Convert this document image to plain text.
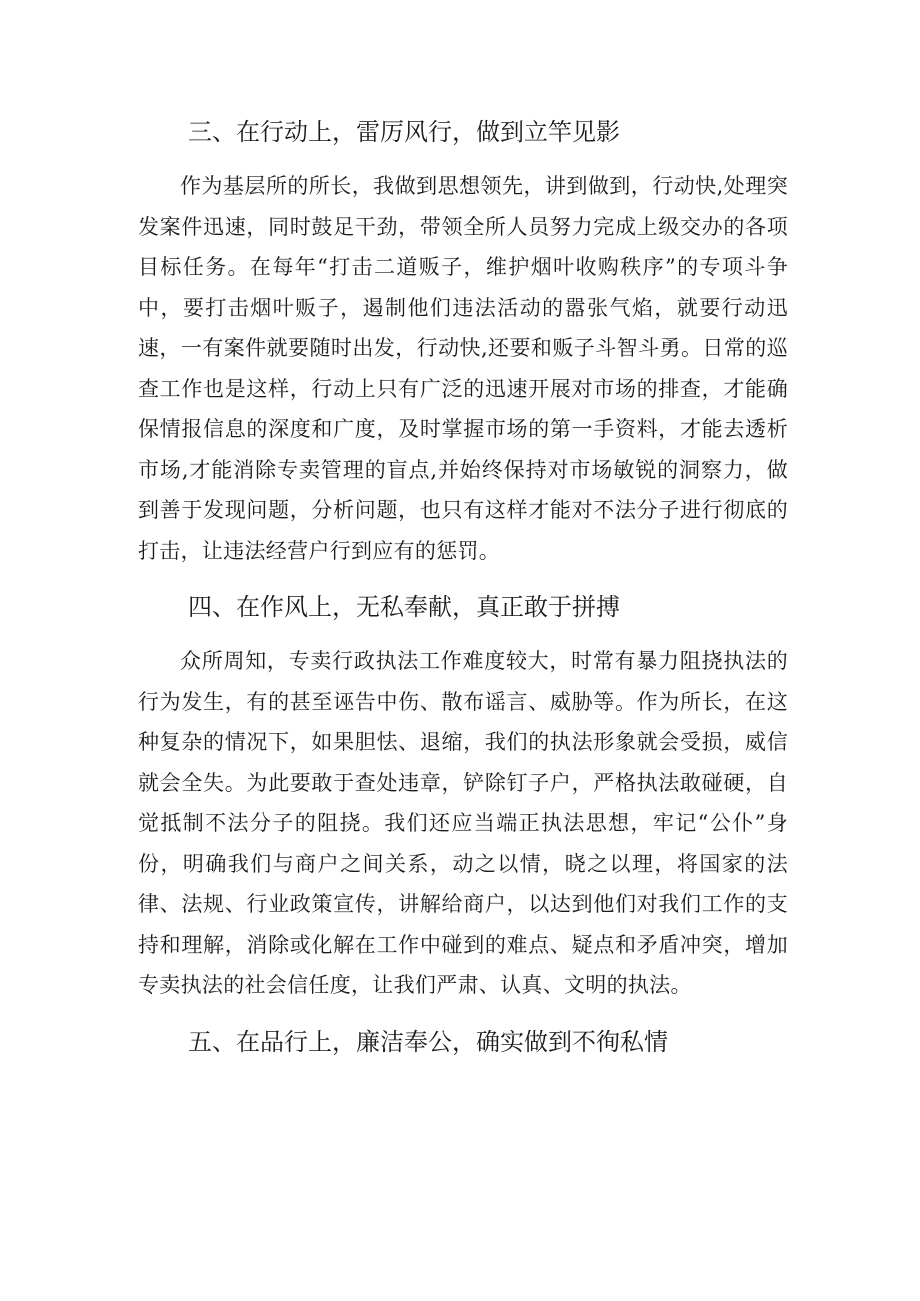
三、在行动上，雷厉风行，做到立竿见影

作为基层所的所长，我做到思想领先，讲到做到，行动快,处理突发案件迅速，同时鼓足干劲，带领全所人员努力完成上级交办的各项目标任务。在每年“打击二道贩子，维护烟叶收购秩序”的专项斗争中，要打击烟叶贩子，遏制他们违法活动的嚣张气焰，就要行动迅速，一有案件就要随时出发，行动快,还要和贩子斗智斗勇。日常的巡查工作也是这样，行动上只有广泛的迅速开展对市场的排查，才能确保情报信息的深度和广度，及时掌握市场的第一手资料，才能去透析市场,才能消除专卖管理的盲点,并始终保持对市场敏锐的洞察力，做到善于发现问题，分析问题，也只有这样才能对不法分子进行彻底的打击，让违法经营户行到应有的惩罚。

四、在作风上，无私奉献，真正敢于拼搏

众所周知，专卖行政执法工作难度较大，时常有暴力阻挠执法的行为发生，有的甚至诬告中伤、散布谣言、威胁等。作为所长，在这种复杂的情况下，如果胆怯、退缩，我们的执法形象就会受损，威信就会全失。为此要敢于查处违章，铲除钉子户，严格执法敢碰硬，自觉抵制不法分子的阻挠。我们还应当端正执法思想，牢记“公仆”身份，明确我们与商户之间关系，动之以情，晓之以理，将国家的法律、法规、行业政策宣传，讲解给商户，以达到他们对我们工作的支持和理解，消除或化解在工作中碰到的难点、疑点和矛盾冲突，增加专卖执法的社会信任度，让我们严肃、认真、文明的执法。

五、在品行上，廉洁奉公，确实做到不徇私情
